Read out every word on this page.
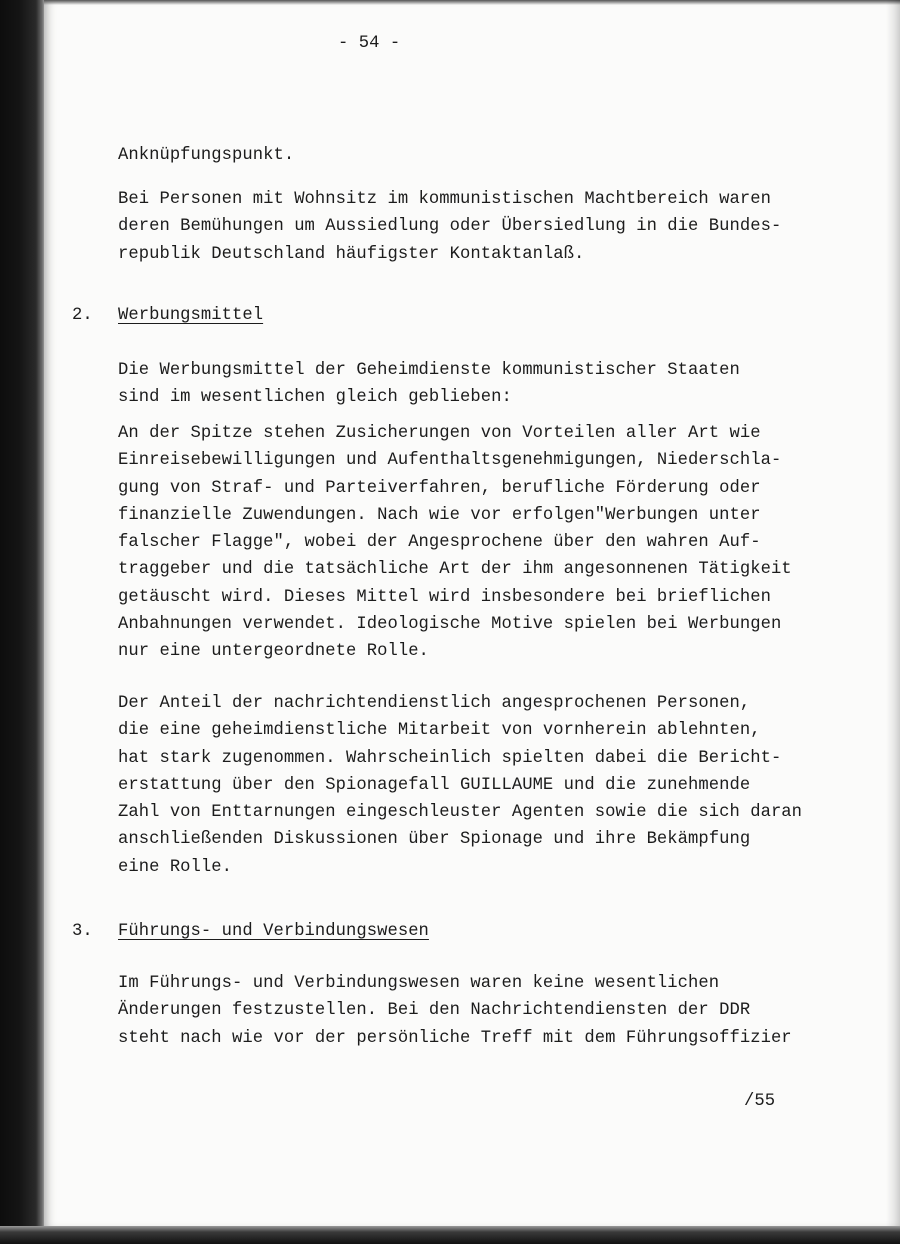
- 54 -

Anknüpfungspunkt.
Bei Personen mit Wohnsitz im kommunistischen Machtbereich waren
deren Bemühungen um Aussiedlung oder Übersiedlung in die Bundes-
republik Deutschland häufigster Kontaktanlaß.

2. Werbungsmittel

Die Werbungsmittel der Geheimdienste kommunistischer Staaten
sind im wesentlichen gleich geblieben:
An der Spitze stehen Zusicherungen von Vorteilen aller Art wie
Einreisebewilligungen und Aufenthaltsgenehmigungen, Niederschla-
gung von Straf- und Parteiverfahren, berufliche Förderung oder
finanzielle Zuwendungen. Nach wie vor erfolgen"Werbungen unter
falscher Flagge", wobei der Angesprochene über den wahren Auf-
traggeber und die tatsächliche Art der ihm angesonnenen Tätigkeit
getäuscht wird. Dieses Mittel wird insbesondere bei brieflichen
Anbahnungen verwendet. Ideologische Motive spielen bei Werbungen
nur eine untergeordnete Rolle.
Der Anteil der nachrichtendienstlich angesprochenen Personen,
die eine geheimdienstliche Mitarbeit von vornherein ablehnten,
hat stark zugenommen. Wahrscheinlich spielten dabei die Bericht-
erstattung über den Spionagefall GUILLAUME und die zunehmende
Zahl von Enttarnungen eingeschleuster Agenten sowie die sich daran
anschließenden Diskussionen über Spionage und ihre Bekämpfung
eine Rolle.

3. Führungs- und Verbindungswesen

Im Führungs- und Verbindungswesen waren keine wesentlichen
Änderungen festzustellen. Bei den Nachrichtendiensten der DDR
steht nach wie vor der persönliche Treff mit dem Führungsoffizier

/55
